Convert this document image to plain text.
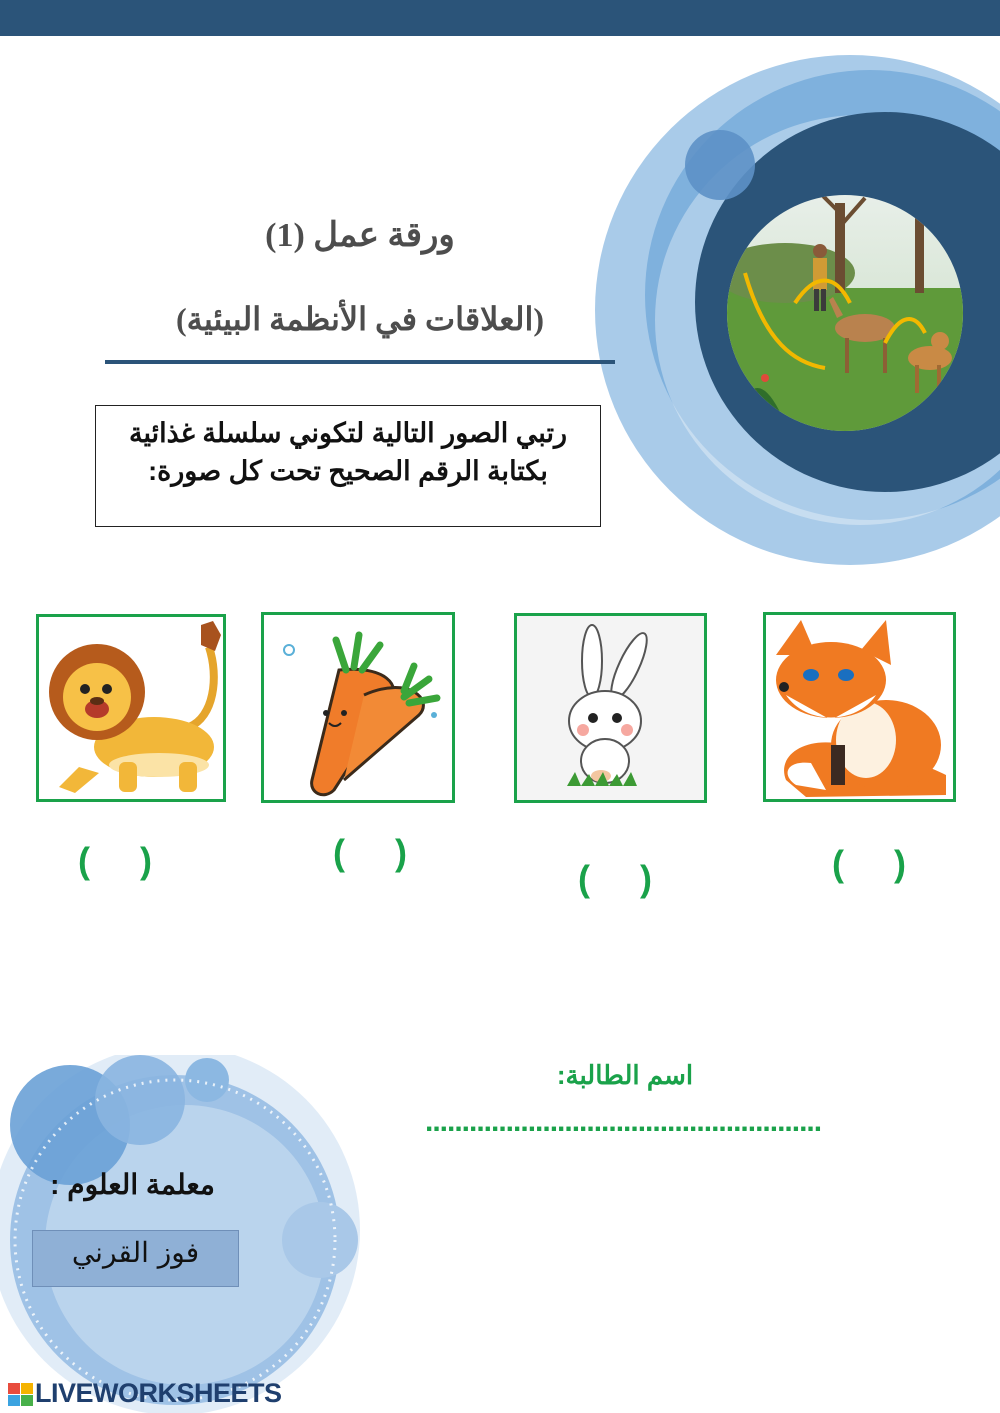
ورقة عمل (1)
(العلاقات في الأنظمة البيئية)

رتبي الصور التالية لتكوني سلسلة غذائية بكتابة الرقم الصحيح تحت كل صورة:

(     )	(     )
(     )	(     )
اسم الطالبة:
......................................................
معلمة العلوم :
فوز القرني
LIVEWORKSHEETS
